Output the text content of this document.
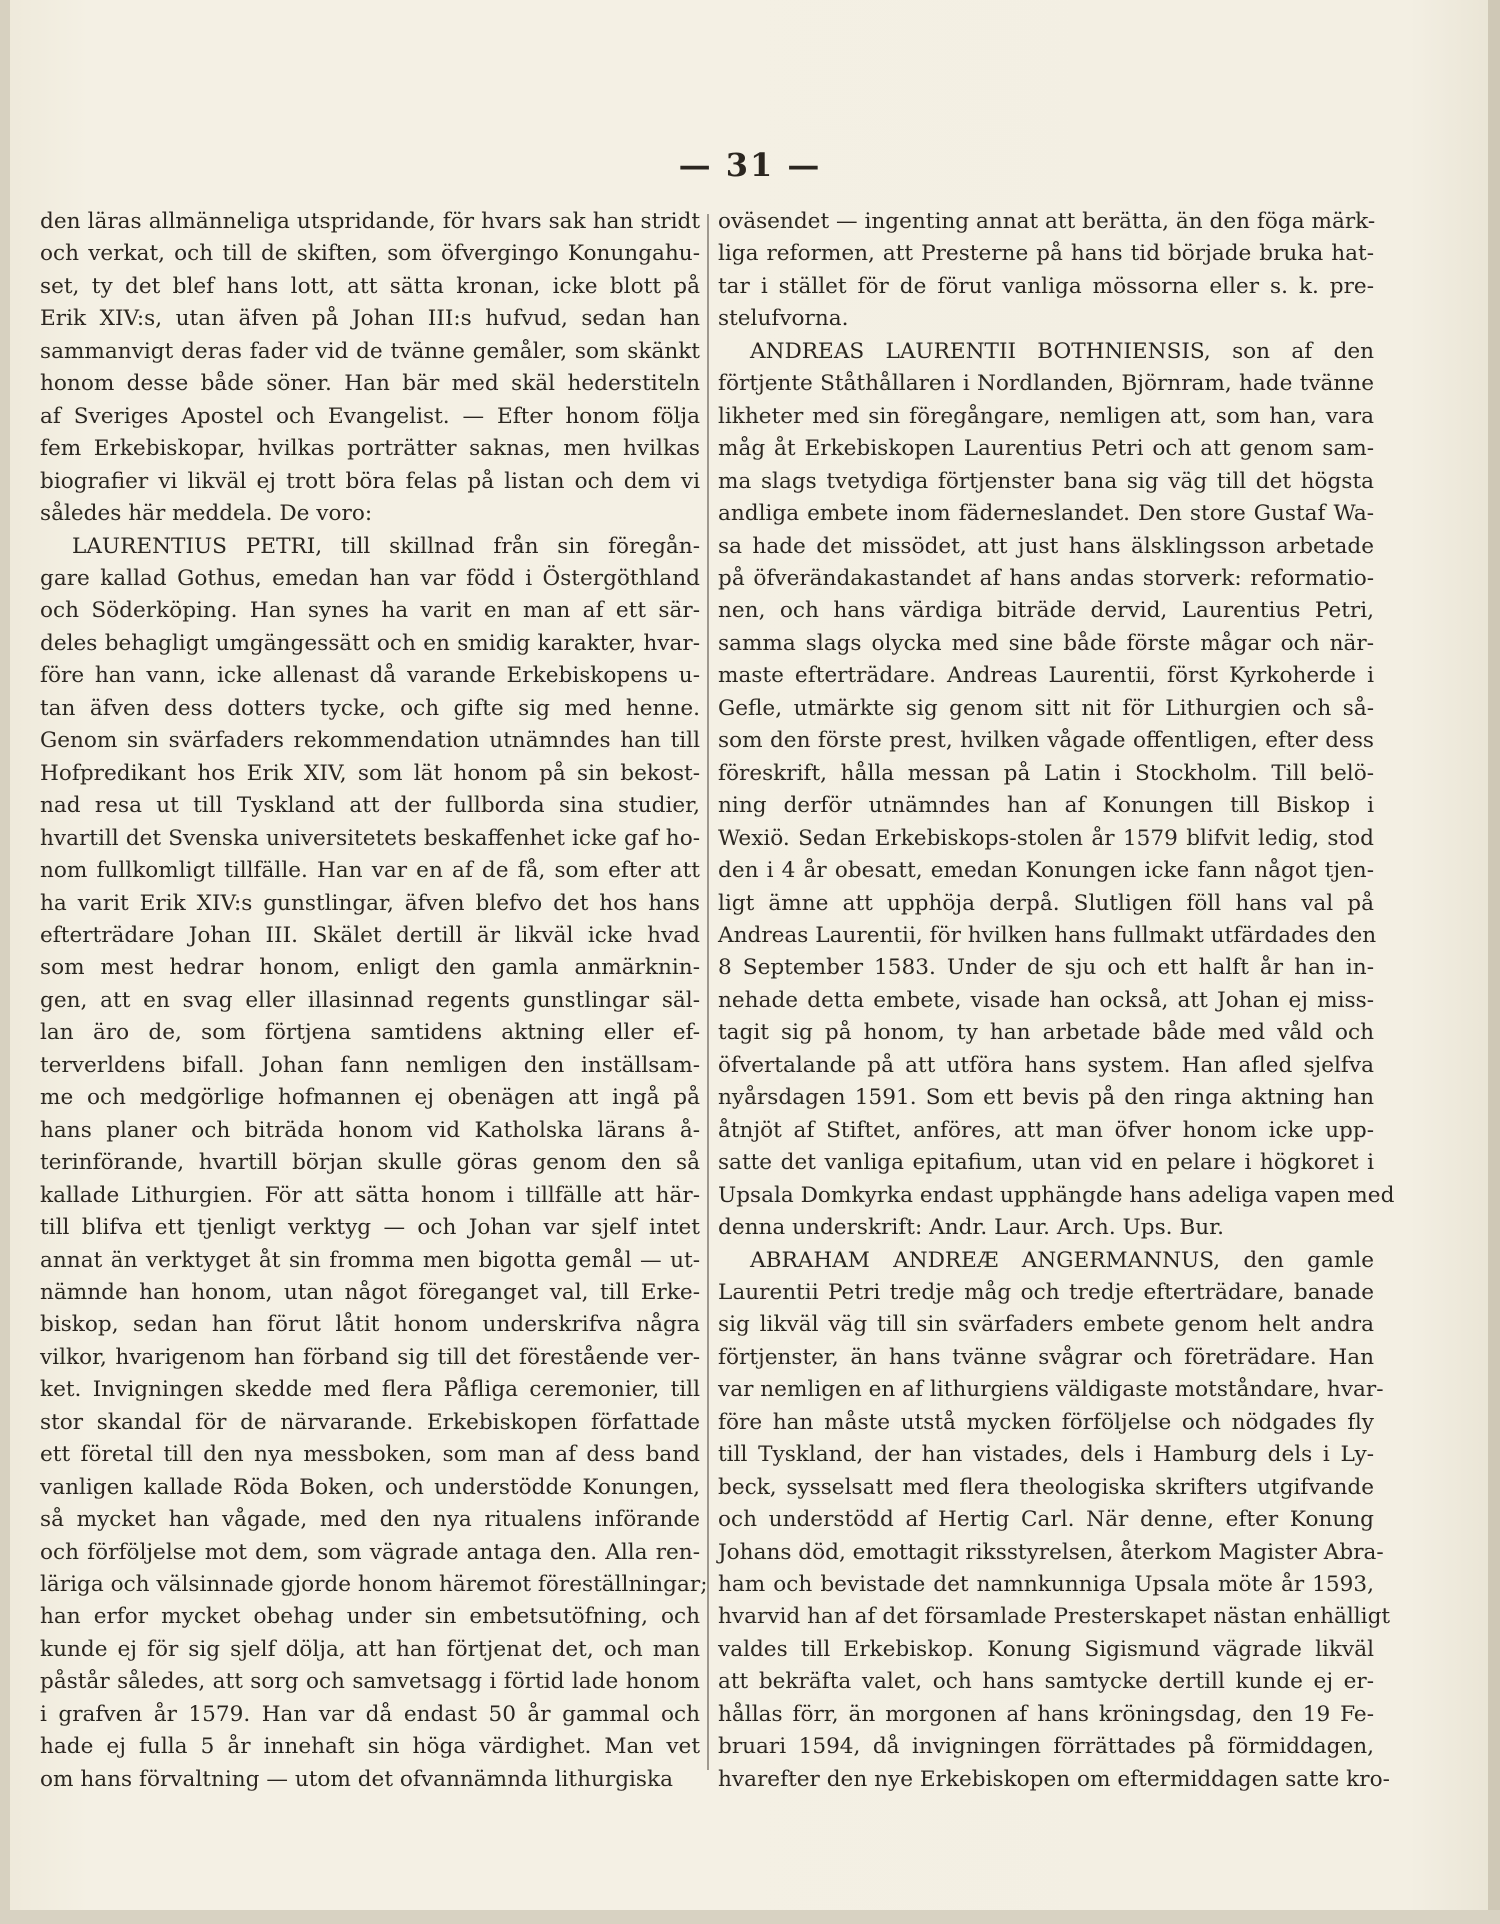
— 31 —
den läras allmänneliga utspridande, för hvars sak han stridt
och verkat, och till de skiften, som öfvergingo Konungahu-
set, ty det blef hans lott, att sätta kronan, icke blott på
Erik XIV:s, utan äfven på Johan III:s hufvud, sedan han
sammanvigt deras fader vid de tvänne gemåler, som skänkt
honom desse både söner. Han bär med skäl hederstiteln
af Sveriges Apostel och Evangelist. — Efter honom följa
fem Erkebiskopar, hvilkas porträtter saknas, men hvilkas
biografier vi likväl ej trott böra felas på listan och dem vi
således här meddela. De voro:
LAURENTIUS PETRI, till skillnad från sin föregån-
gare kallad Gothus, emedan han var född i Östergöthland
och Söderköping. Han synes ha varit en man af ett sär-
deles behagligt umgängessätt och en smidig karakter, hvar-
före han vann, icke allenast då varande Erkebiskopens u-
tan äfven dess dotters tycke, och gifte sig med henne.
Genom sin svärfaders rekommendation utnämndes han till
Hofpredikant hos Erik XIV, som lät honom på sin bekost-
nad resa ut till Tyskland att der fullborda sina studier,
hvartill det Svenska universitetets beskaffenhet icke gaf ho-
nom fullkomligt tillfälle. Han var en af de få, som efter att
ha varit Erik XIV:s gunstlingar, äfven blefvo det hos hans
efterträdare Johan III. Skälet dertill är likväl icke hvad
som mest hedrar honom, enligt den gamla anmärknin-
gen, att en svag eller illasinnad regents gunstlingar säl-
lan äro de, som förtjena samtidens aktning eller ef-
terverldens bifall. Johan fann nemligen den inställsam-
me och medgörlige hofmannen ej obenägen att ingå på
hans planer och biträda honom vid Katholska lärans å-
terinförande, hvartill början skulle göras genom den så
kallade Lithurgien. För att sätta honom i tillfälle att här-
till blifva ett tjenligt verktyg — och Johan var sjelf intet
annat än verktyget åt sin fromma men bigotta gemål — ut-
nämnde han honom, utan något föreganget val, till Erke-
biskop, sedan han förut låtit honom underskrifva några
vilkor, hvarigenom han förband sig till det förestående ver-
ket. Invigningen skedde med flera Påfliga ceremonier, till
stor skandal för de närvarande. Erkebiskopen författade
ett företal till den nya messboken, som man af dess band
vanligen kallade Röda Boken, och understödde Konungen,
så mycket han vågade, med den nya ritualens införande
och förföljelse mot dem, som vägrade antaga den. Alla ren-
läriga och välsinnade gjorde honom häremot föreställningar;
han erfor mycket obehag under sin embetsutöfning, och
kunde ej för sig sjelf dölja, att han förtjenat det, och man
påstår således, att sorg och samvetsagg i förtid lade honom
i grafven år 1579. Han var då endast 50 år gammal och
hade ej fulla 5 år innehaft sin höga värdighet. Man vet
om hans förvaltning — utom det ofvannämnda lithurgiska
oväsendet — ingenting annat att berätta, än den föga märk-
liga reformen, att Presterne på hans tid började bruka hat-
tar i stället för de förut vanliga mössorna eller s. k. pre-
stelufvorna.
ANDREAS LAURENTII BOTHNIENSIS, son af den
förtjente Ståthållaren i Nordlanden, Björnram, hade tvänne
likheter med sin föregångare, nemligen att, som han, vara
måg åt Erkebiskopen Laurentius Petri och att genom sam-
ma slags tvetydiga förtjenster bana sig väg till det högsta
andliga embete inom fäderneslandet. Den store Gustaf Wa-
sa hade det missödet, att just hans älsklingsson arbetade
på öfverändakastandet af hans andas storverk: reformatio-
nen, och hans värdiga biträde dervid, Laurentius Petri,
samma slags olycka med sine både förste mågar och när-
maste efterträdare. Andreas Laurentii, först Kyrkoherde i
Gefle, utmärkte sig genom sitt nit för Lithurgien och så-
som den förste prest, hvilken vågade offentligen, efter dess
föreskrift, hålla messan på Latin i Stockholm. Till belö-
ning derför utnämndes han af Konungen till Biskop i
Wexiö. Sedan Erkebiskops-stolen år 1579 blifvit ledig, stod
den i 4 år obesatt, emedan Konungen icke fann något tjen-
ligt ämne att upphöja derpå. Slutligen föll hans val på
Andreas Laurentii, för hvilken hans fullmakt utfärdades den
8 September 1583. Under de sju och ett halft år han in-
nehade detta embete, visade han också, att Johan ej miss-
tagit sig på honom, ty han arbetade både med våld och
öfvertalande på att utföra hans system. Han afled sjelfva
nyårsdagen 1591. Som ett bevis på den ringa aktning han
åtnjöt af Stiftet, anföres, att man öfver honom icke upp-
satte det vanliga epitafium, utan vid en pelare i högkoret i
Upsala Domkyrka endast upphängde hans adeliga vapen med
denna underskrift: Andr. Laur. Arch. Ups. Bur.
ABRAHAM ANDREÆ ANGERMANNUS, den gamle
Laurentii Petri tredje måg och tredje efterträdare, banade
sig likväl väg till sin svärfaders embete genom helt andra
förtjenster, än hans tvänne svågrar och företrädare. Han
var nemligen en af lithurgiens väldigaste motståndare, hvar-
före han måste utstå mycken förföljelse och nödgades fly
till Tyskland, der han vistades, dels i Hamburg dels i Ly-
beck, sysselsatt med flera theologiska skrifters utgifvande
och understödd af Hertig Carl. När denne, efter Konung
Johans död, emottagit riksstyrelsen, återkom Magister Abra-
ham och bevistade det namnkunniga Upsala möte år 1593,
hvarvid han af det församlade Presterskapet nästan enhälligt
valdes till Erkebiskop. Konung Sigismund vägrade likväl
att bekräfta valet, och hans samtycke dertill kunde ej er-
hållas förr, än morgonen af hans kröningsdag, den 19 Fe-
bruari 1594, då invigningen förrättades på förmiddagen,
hvarefter den nye Erkebiskopen om eftermiddagen satte kro-
